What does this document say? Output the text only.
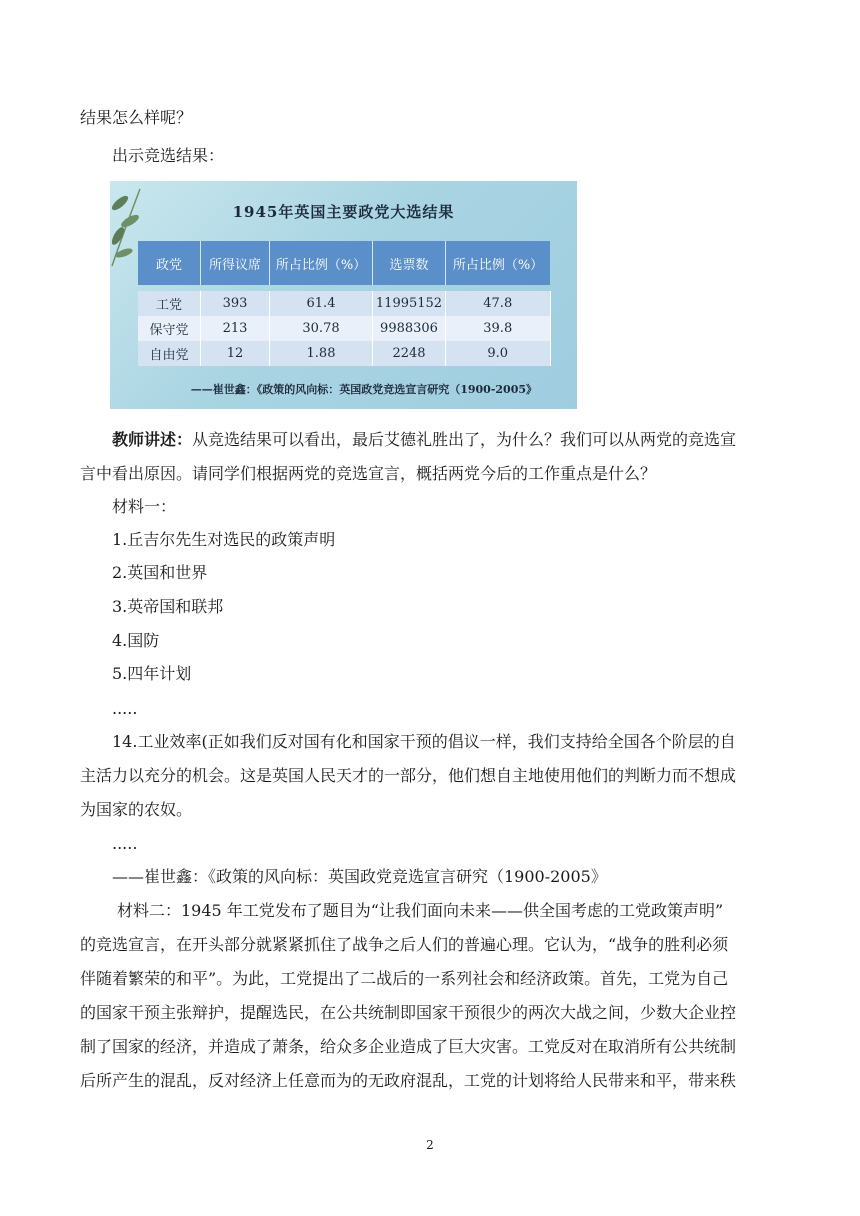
结果怎么样呢？
出示竞选结果：
1945年英国主要政党大选结果
政党	所得议席	所占比例（%）	选票数	所占比例（%）

工党	393	61.4	11995152	47.8
保守党	213	30.78	9988306	39.8
自由党	12	1.88	2248	9.0
——崔世鑫：《政策的风向标：英国政党竞选宣言研究（1900-2005》
教师讲述：从竞选结果可以看出，最后艾德礼胜出了，为什么？我们可以从两党的竞选宣
言中看出原因。请同学们根据两党的竞选宣言，概括两党今后的工作重点是什么？
材料一：
1.丘吉尔先生对选民的政策声明
2.英国和世界
3.英帝国和联邦
4.国防
5.四年计划
.....
14.工业效率(正如我们反对国有化和国家干预的倡议一样，我们支持给全国各个阶层的自
主活力以充分的机会。这是英国人民天才的一部分，他们想自主地使用他们的判断力而不想成
为国家的农奴。
.....
——崔世鑫：《政策的风向标：英国政党竞选宣言研究（1900-2005》
材料二：1945 年工党发布了题目为“让我们面向未来——供全国考虑的工党政策声明”
的竞选宣言，在开头部分就紧紧抓住了战争之后人们的普遍心理。它认为，“战争的胜利必须
伴随着繁荣的和平”。为此，工党提出了二战后的一系列社会和经济政策。首先，工党为自己
的国家干预主张辩护，提醒选民，在公共统制即国家干预很少的两次大战之间，少数大企业控
制了国家的经济，并造成了萧条，给众多企业造成了巨大灾害。工党反对在取消所有公共统制
后所产生的混乱，反对经济上任意而为的无政府混乱，工党的计划将给人民带来和平，带来秩
2
